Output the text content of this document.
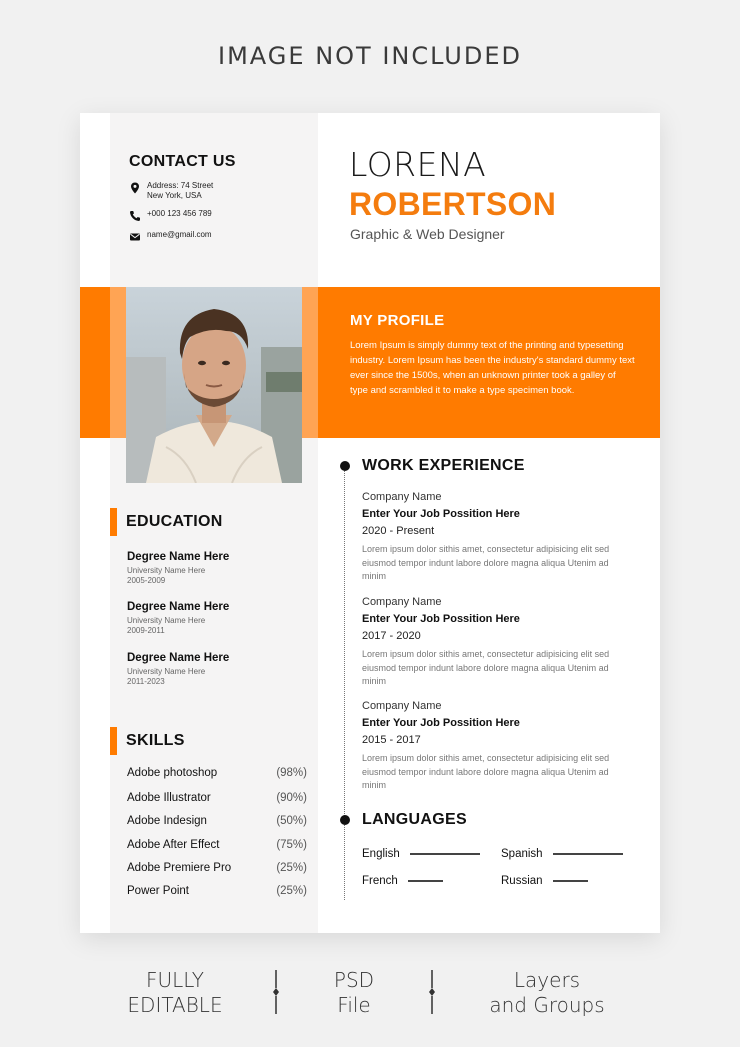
IMAGE NOT INCLUDED
CONTACT US
Address: 74 Street
New York, USA
+000 123 456 789
name@gmail.com
LORENA
ROBERTSON
Graphic & Web Designer
MY PROFILE
Lorem Ipsum is simply dummy text of the printing and typesetting industry. Lorem Ipsum has been the industry's standard dummy text ever since the 1500s, when an unknown printer took a galley of type and scrambled it to make a type specimen book.
EDUCATION
Degree Name Here
University Name Here
2005-2009
Degree Name Here
University Name Here
2009-2011
Degree Name Here
University Name Here
2011-2023
SKILLS
Adobe photoshop	(98%)
Adobe Illustrator	(90%)
Adobe Indesign	(50%)
Adobe After Effect	(75%)
Adobe Premiere Pro	(25%)
Power Point	(25%)
WORK EXPERIENCE
Company Name
Enter Your Job Possition Here
2020 - Present
Lorem ipsum dolor sithis amet, consectetur adipisicing elit sed eiusmod tempor indunt labore dolore magna aliqua Utenim ad minim
Company Name
Enter Your Job Possition Here
2017 - 2020
Lorem ipsum dolor sithis amet, consectetur adipisicing elit sed eiusmod tempor indunt labore dolore magna aliqua Utenim ad minim
Company Name
Enter Your Job Possition Here
2015 - 2017
Lorem ipsum dolor sithis amet, consectetur adipisicing elit sed eiusmod tempor indunt labore dolore magna aliqua Utenim ad minim
LANGUAGES
English	Spanish
French	Russian
FULLY
EDITABLE
PSD
File
Layers
and Groups
